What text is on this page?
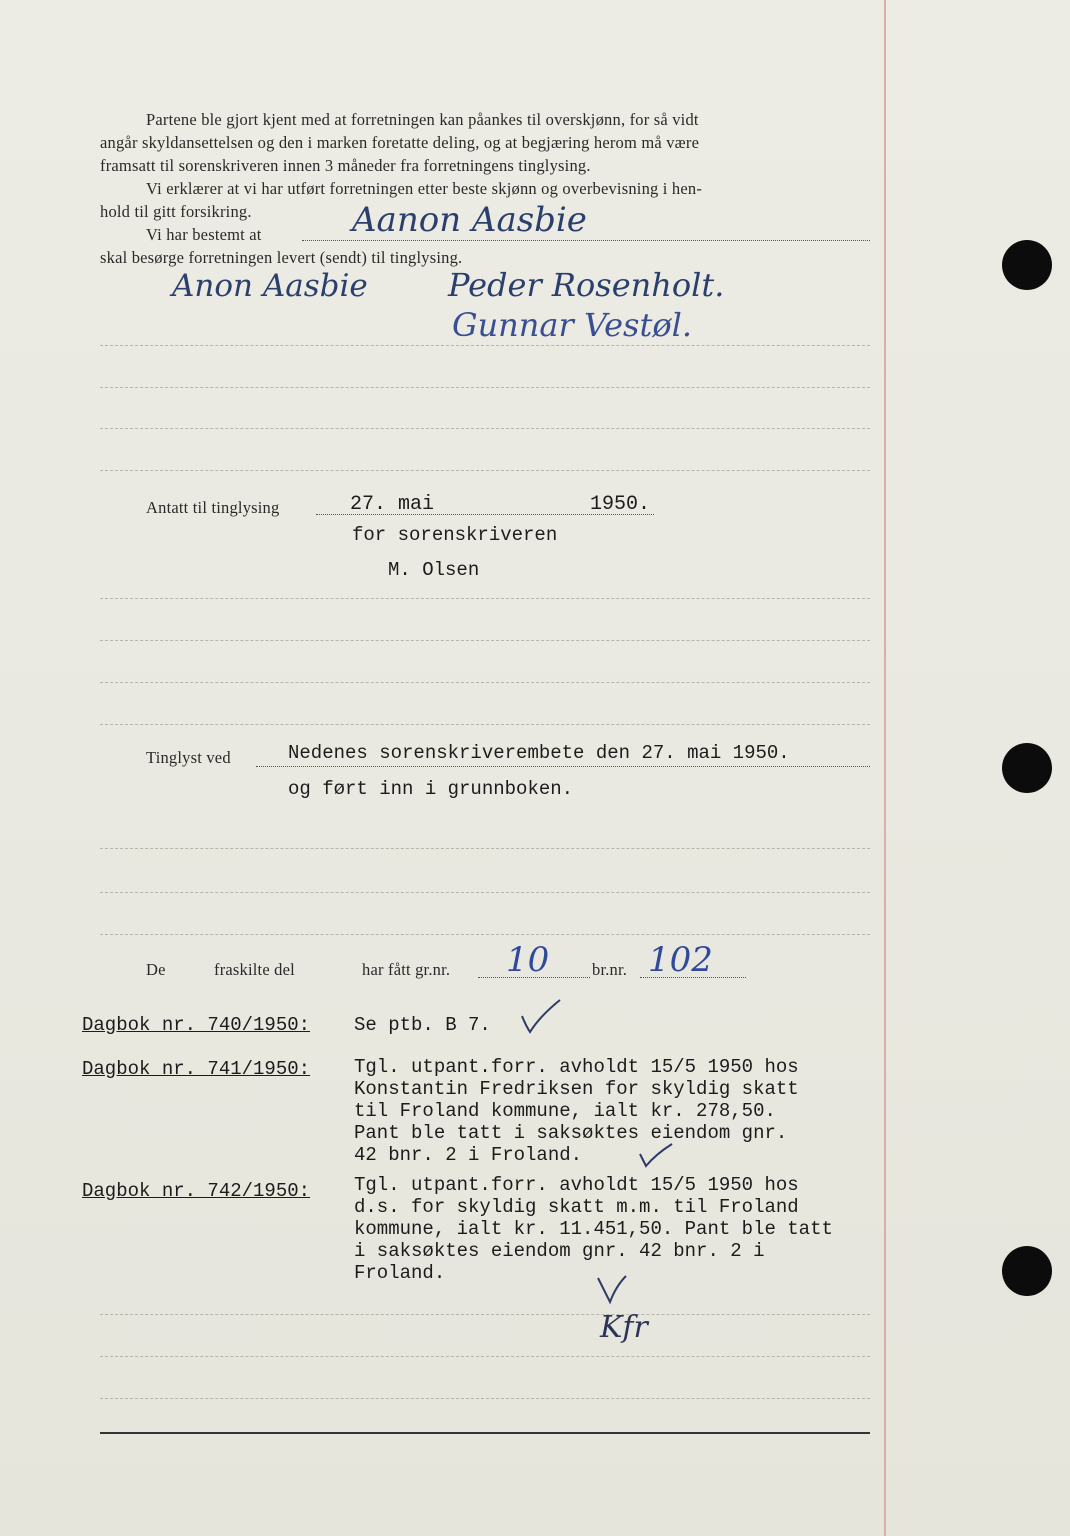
Partene ble gjort kjent med at forretningen kan påankes til overskjønn, for så vidt
angår skyldansettelsen og den i marken foretatte deling, og at begjæring herom må være
framsatt til sorenskriveren innen 3 måneder fra forretningens tinglysing.
Vi erklærer at vi har utført forretningen etter beste skjønn og overbevisning i hen-
hold til gitt forsikring.
Vi har bestemt at	Aanon Aasbie
skal besørge forretningen levert (sendt) til tinglysing.
Anon Aasbie	Peder Rosenholt.
Gunnar Vestøl.
Antatt til tinglysing	27. mai	1950.
for sorenskriveren
M. Olsen
Tinglyst ved	Nedenes sorenskriverembete den 27. mai 1950.
og ført inn i grunnboken.
De	fraskilte del	har fått gr.nr. 10	br.nr. 102
Dagbok nr. 740/1950: Se ptb. B 7.
Dagbok nr. 741/1950: Tgl. utpant.forr. avholdt 15/5 1950 hos
Konstantin Fredriksen for skyldig skatt
til Froland kommune, ialt kr. 278,50.
Pant ble tatt i saksøktes eiendom gnr.
42 bnr. 2 i Froland.
Dagbok nr. 742/1950: Tgl. utpant.forr. avholdt 15/5 1950 hos
d.s. for skyldig skatt m.m. til Froland
kommune, ialt kr. 11.451,50. Pant ble tatt
i saksøktes eiendom gnr. 42 bnr. 2 i
Froland.
Kfr
